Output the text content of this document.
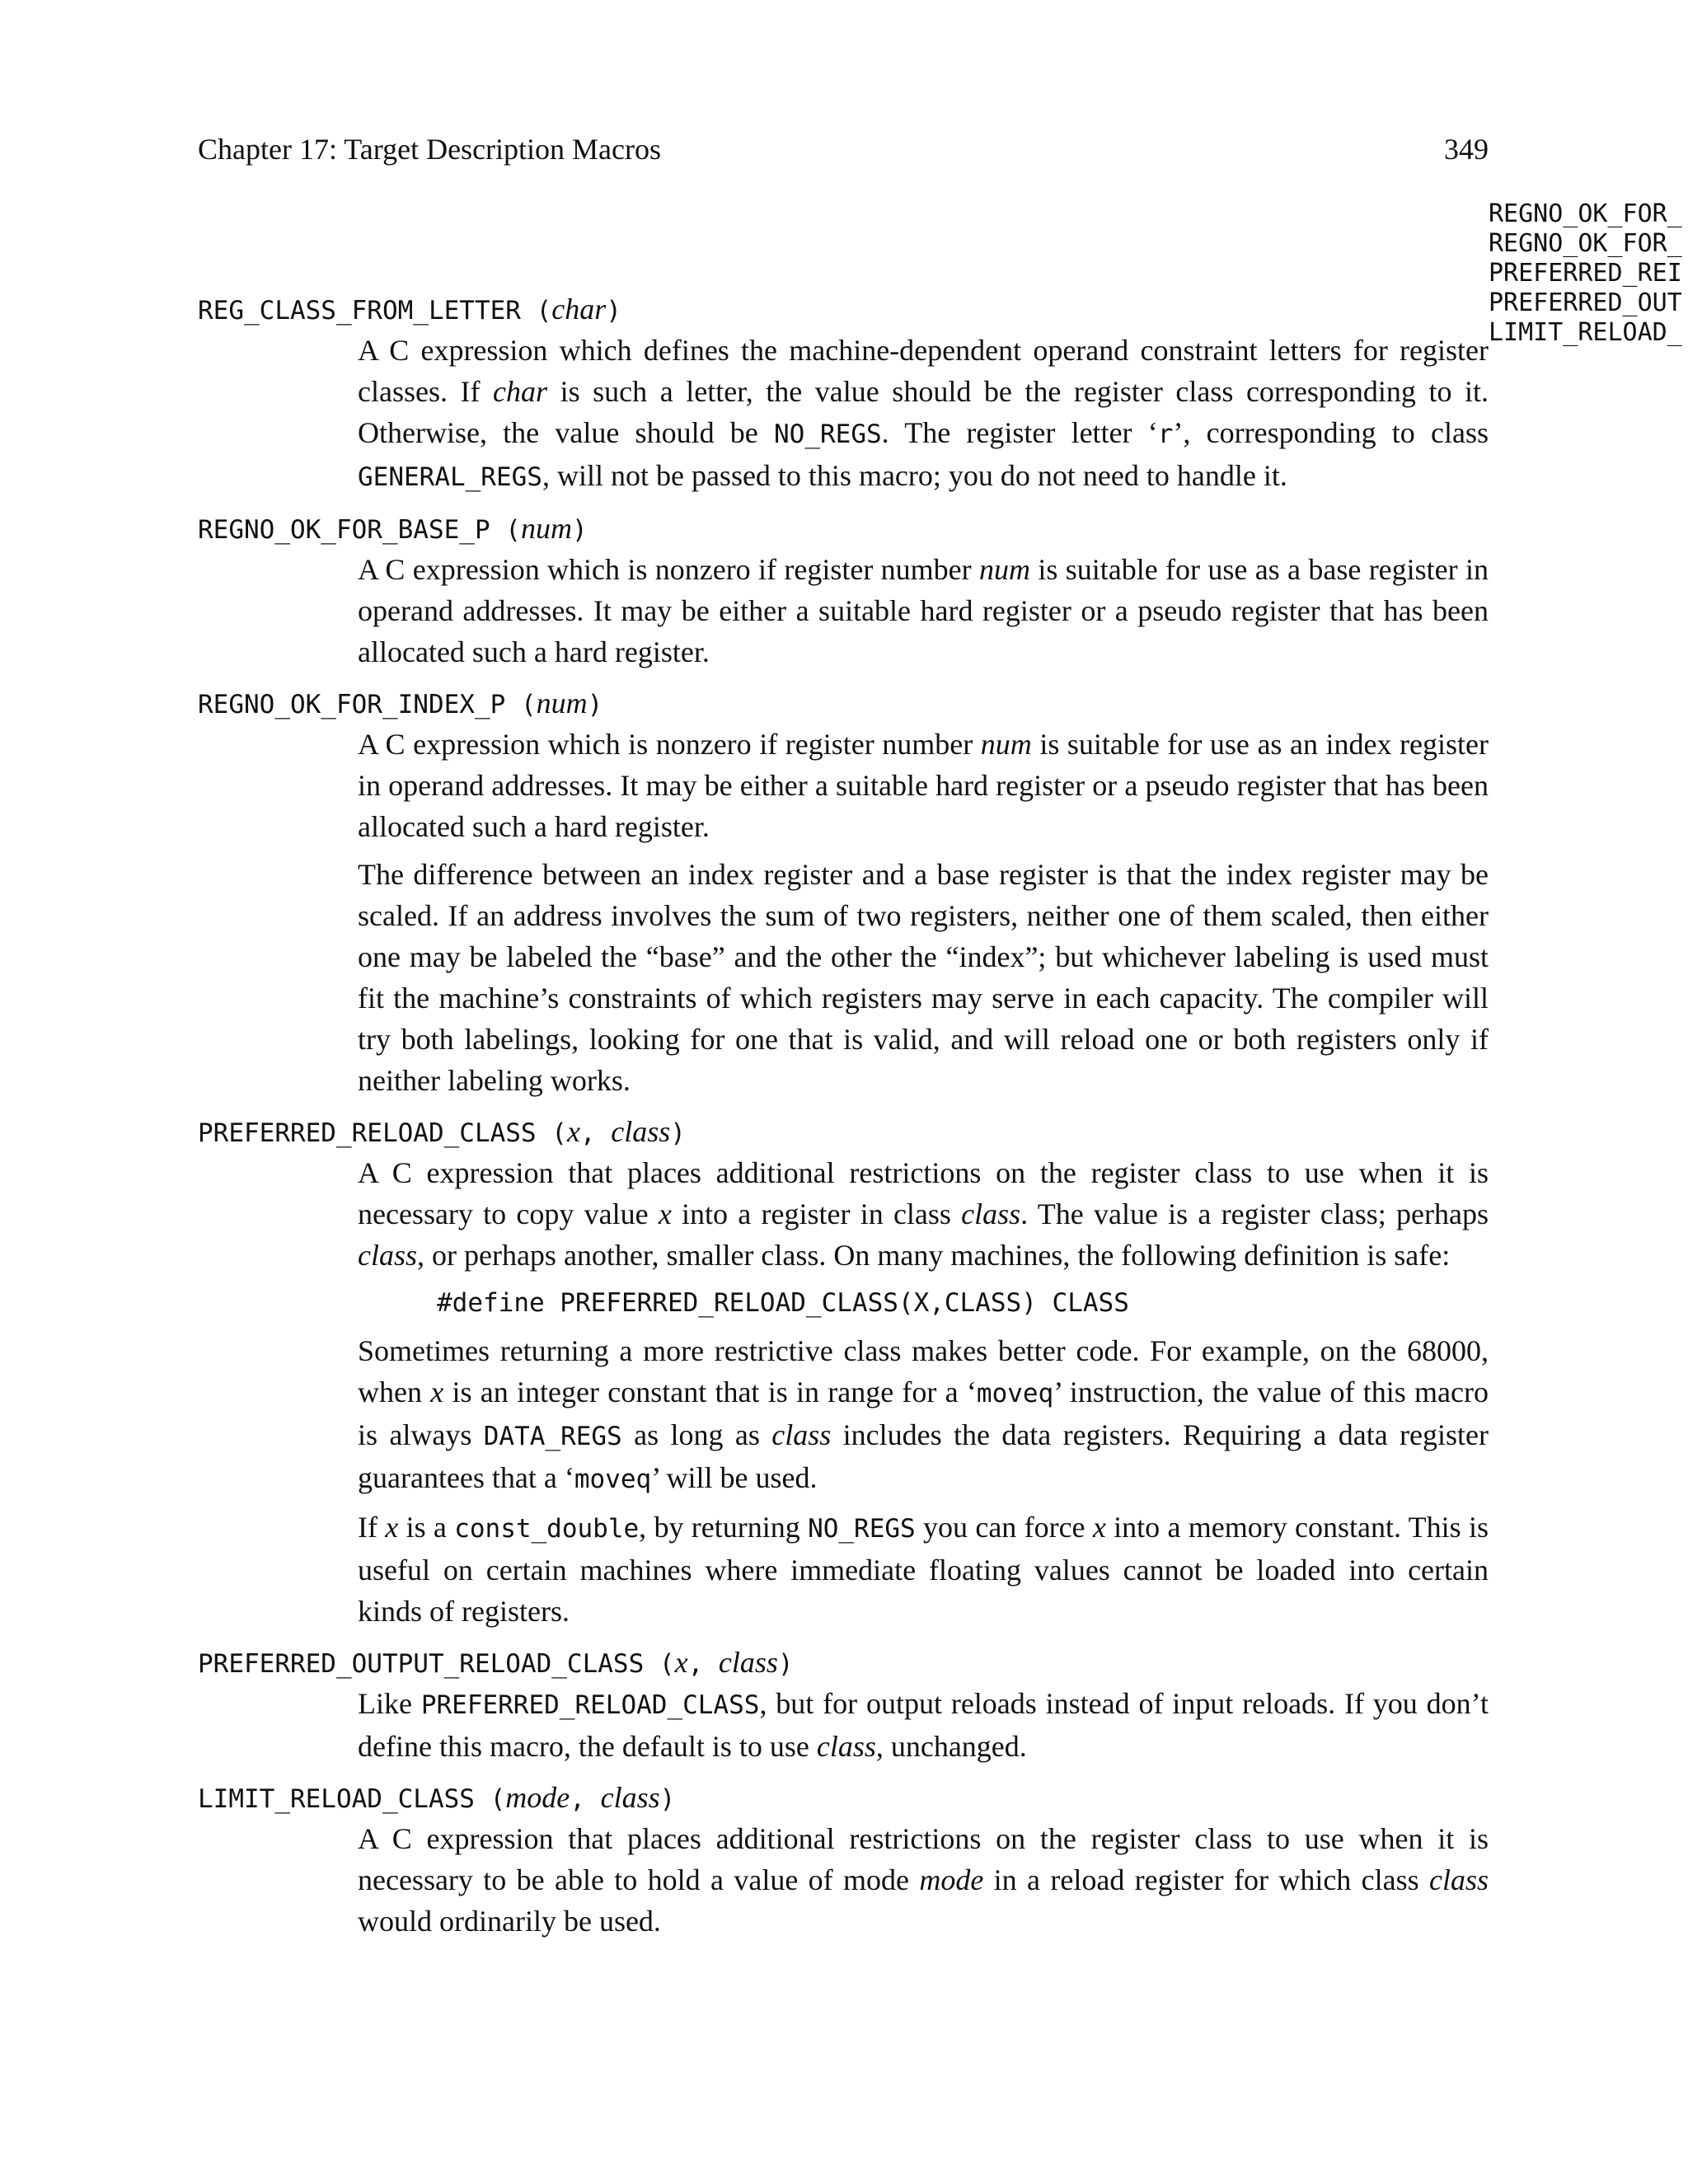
Chapter 17: Target Description Macros	349
REGNO_OK_FOR_
REGNO_OK_FOR_
PREFERRED_REI
PREFERRED_OUT
LIMIT_RELOAD_
REG_CLASS_FROM_LETTER (char)

A C expression which defines the machine-dependent operand constraint letters for register classes. If char is such a letter, the value should be the register class corresponding to it. Otherwise, the value should be NO_REGS. The register letter ‘r’, corresponding to class GENERAL_REGS, will not be passed to this macro; you do not need to handle it.

REGNO_OK_FOR_BASE_P (num)

A C expression which is nonzero if register number num is suitable for use as a base register in operand addresses. It may be either a suitable hard register or a pseudo register that has been allocated such a hard register.

REGNO_OK_FOR_INDEX_P (num)

A C expression which is nonzero if register number num is suitable for use as an index register in operand addresses. It may be either a suitable hard register or a pseudo register that has been allocated such a hard register.

The difference between an index register and a base register is that the index register may be scaled. If an address involves the sum of two registers, neither one of them scaled, then either one may be labeled the “base” and the other the “index”; but whichever labeling is used must fit the machine’s constraints of which registers may serve in each capacity. The compiler will try both labelings, looking for one that is valid, and will reload one or both registers only if neither labeling works.

PREFERRED_RELOAD_CLASS (x, class)

A C expression that places additional restrictions on the register class to use when it is necessary to copy value x into a register in class class. The value is a register class; perhaps class, or perhaps another, smaller class. On many machines, the following definition is safe:

#define PREFERRED_RELOAD_CLASS(X,CLASS) CLASS

Sometimes returning a more restrictive class makes better code. For example, on the 68000, when x is an integer constant that is in range for a ‘moveq’ instruction, the value of this macro is always DATA_REGS as long as class includes the data registers. Requiring a data register guarantees that a ‘moveq’ will be used.

If x is a const_double, by returning NO_REGS you can force x into a memory constant. This is useful on certain machines where immediate floating values cannot be loaded into certain kinds of registers.

PREFERRED_OUTPUT_RELOAD_CLASS (x, class)

Like PREFERRED_RELOAD_CLASS, but for output reloads instead of input reloads. If you don’t define this macro, the default is to use class, unchanged.

LIMIT_RELOAD_CLASS (mode, class)

A C expression that places additional restrictions on the register class to use when it is necessary to be able to hold a value of mode mode in a reload register for which class class would ordinarily be used.
